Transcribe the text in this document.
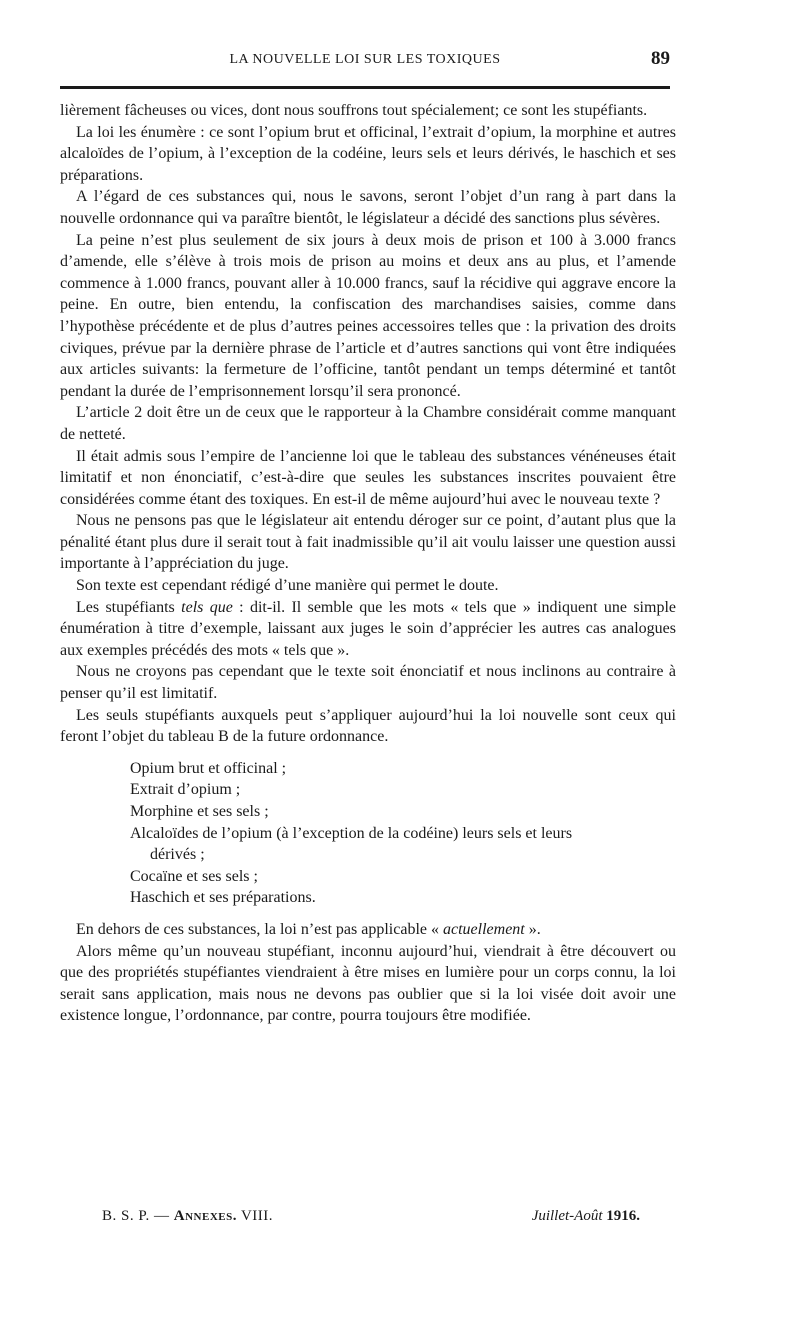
LA NOUVELLE LOI SUR LES TOXIQUES	89

lièrement fâcheuses ou vices, dont nous souffrons tout spécialement; ce sont les stupéfiants.

La loi les énumère : ce sont l’opium brut et officinal, l’extrait d’opium, la morphine et autres alcaloïdes de l’opium, à l’exception de la codéine, leurs sels et leurs dérivés, le haschich et ses préparations.

A l’égard de ces substances qui, nous le savons, seront l’objet d’un rang à part dans la nouvelle ordonnance qui va paraître bientôt, le législateur a décidé des sanctions plus sévères.

La peine n’est plus seulement de six jours à deux mois de prison et 100 à 3.000 francs d’amende, elle s’élève à trois mois de prison au moins et deux ans au plus, et l’amende commence à 1.000 francs, pouvant aller à 10.000 francs, sauf la récidive qui aggrave encore la peine. En outre, bien entendu, la confiscation des marchandises saisies, comme dans l’hypothèse précédente et de plus d’autres peines accessoires telles que : la privation des droits civiques, prévue par la dernière phrase de l’article et d’autres sanctions qui vont être indiquées aux articles suivants: la fermeture de l’officine, tantôt pendant un temps déterminé et tantôt pendant la durée de l’emprisonnement lorsqu’il sera prononcé.

L’article 2 doit être un de ceux que le rapporteur à la Chambre considérait comme manquant de netteté.

Il était admis sous l’empire de l’ancienne loi que le tableau des substances vénéneuses était limitatif et non énonciatif, c’est-à-dire que seules les substances inscrites pouvaient être considérées comme étant des toxiques. En est-il de même aujourd’hui avec le nouveau texte ?

Nous ne pensons pas que le législateur ait entendu déroger sur ce point, d’autant plus que la pénalité étant plus dure il serait tout à fait inadmissible qu’il ait voulu laisser une question aussi importante à l’appréciation du juge.

Son texte est cependant rédigé d’une manière qui permet le doute.

Les stupéfiants tels que : dit-il. Il semble que les mots « tels que » indiquent une simple énumération à titre d’exemple, laissant aux juges le soin d’apprécier les autres cas analogues aux exemples précédés des mots « tels que ».

Nous ne croyons pas cependant que le texte soit énonciatif et nous inclinons au contraire à penser qu’il est limitatif.

Les seuls stupéfiants auxquels peut s’appliquer aujourd’hui la loi nouvelle sont ceux qui feront l’objet du tableau B de la future ordonnance.

Opium brut et officinal ;
Extrait d’opium ;
Morphine et ses sels ;
Alcaloïdes de l’opium (à l’exception de la codéine) leurs sels et leurs
dérivés ;
Cocaïne et ses sels ;
Haschich et ses préparations.

En dehors de ces substances, la loi n’est pas applicable « actuellement ».

Alors même qu’un nouveau stupéfiant, inconnu aujourd’hui, viendrait à être découvert ou que des propriétés stupéfiantes viendraient à être mises en lumière pour un corps connu, la loi serait sans application, mais nous ne devons pas oublier que si la loi visée doit avoir une existence longue, l’ordonnance, par contre, pourra toujours être modifiée.

B. S. P. — Annexes. VIII.	Juillet-Août 1916.
